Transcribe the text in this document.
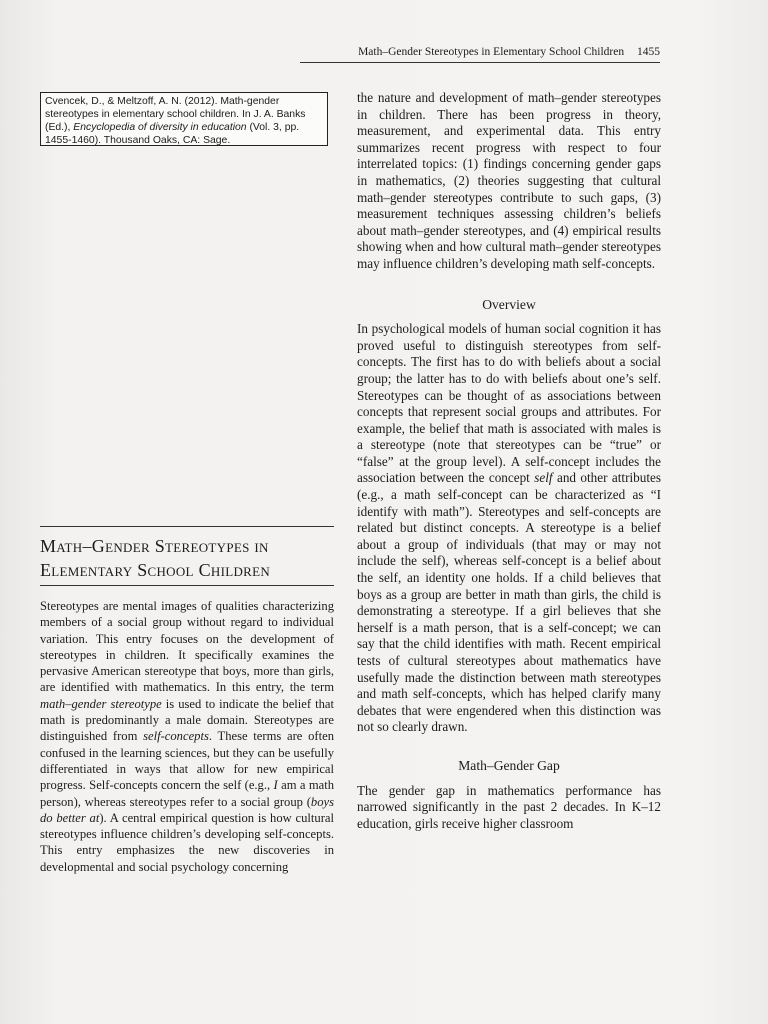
Math–Gender Stereotypes in Elementary School Children 1455
Cvencek, D., & Meltzoff, A. N. (2012). Math-gender stereotypes in elementary school children. In J. A. Banks (Ed.), Encyclopedia of diversity in education (Vol. 3, pp. 1455-1460). Thousand Oaks, CA: Sage.
Math–Gender Stereotypes in
Elementary School Children

Stereotypes are mental images of qualities characterizing members of a social group without regard to individual variation. This entry focuses on the development of stereotypes in children. It specifically examines the pervasive American stereotype that boys, more than girls, are identified with mathematics. In this entry, the term math–gender stereotype is used to indicate the belief that math is predominantly a male domain. Stereotypes are distinguished from self-concepts. These terms are often confused in the learning sciences, but they can be usefully differentiated in ways that allow for new empirical progress. Self-concepts concern the self (e.g., I am a math person), whereas stereotypes refer to a social group (boys do better at). A central empirical question is how cultural stereotypes influence children’s developing self-concepts. This entry emphasizes the new discoveries in developmental and social psychology concerning

the nature and development of math–gender stereotypes in children. There has been progress in theory, measurement, and experimental data. This entry summarizes recent progress with respect to four interrelated topics: (1) findings concerning gender gaps in mathematics, (2) theories suggesting that cultural math–gender stereotypes contribute to such gaps, (3) measurement techniques assessing children’s beliefs about math–gender stereotypes, and (4) empirical results showing when and how cultural math–gender stereotypes may influence children’s developing math self-concepts.

Overview

In psychological models of human social cognition it has proved useful to distinguish stereotypes from self-concepts. The first has to do with beliefs about a social group; the latter has to do with beliefs about one’s self. Stereotypes can be thought of as associations between concepts that represent social groups and attributes. For example, the belief that math is associated with males is a stereotype (note that stereotypes can be “true” or “false” at the group level). A self-concept includes the association between the concept self and other attributes (e.g., a math self-concept can be characterized as “I identify with math”). Stereotypes and self-concepts are related but distinct concepts. A stereotype is a belief about a group of individuals (that may or may not include the self), whereas self-concept is a belief about the self, an identity one holds. If a child believes that boys as a group are better in math than girls, the child is demonstrating a stereotype. If a girl believes that she herself is a math person, that is a self-concept; we can say that the child identifies with math. Recent empirical tests of cultural stereotypes about mathematics have usefully made the distinction between math stereotypes and math self-concepts, which has helped clarify many debates that were engendered when this distinction was not so clearly drawn.

Math–Gender Gap

The gender gap in mathematics performance has narrowed significantly in the past 2 decades. In K–12 education, girls receive higher classroom
